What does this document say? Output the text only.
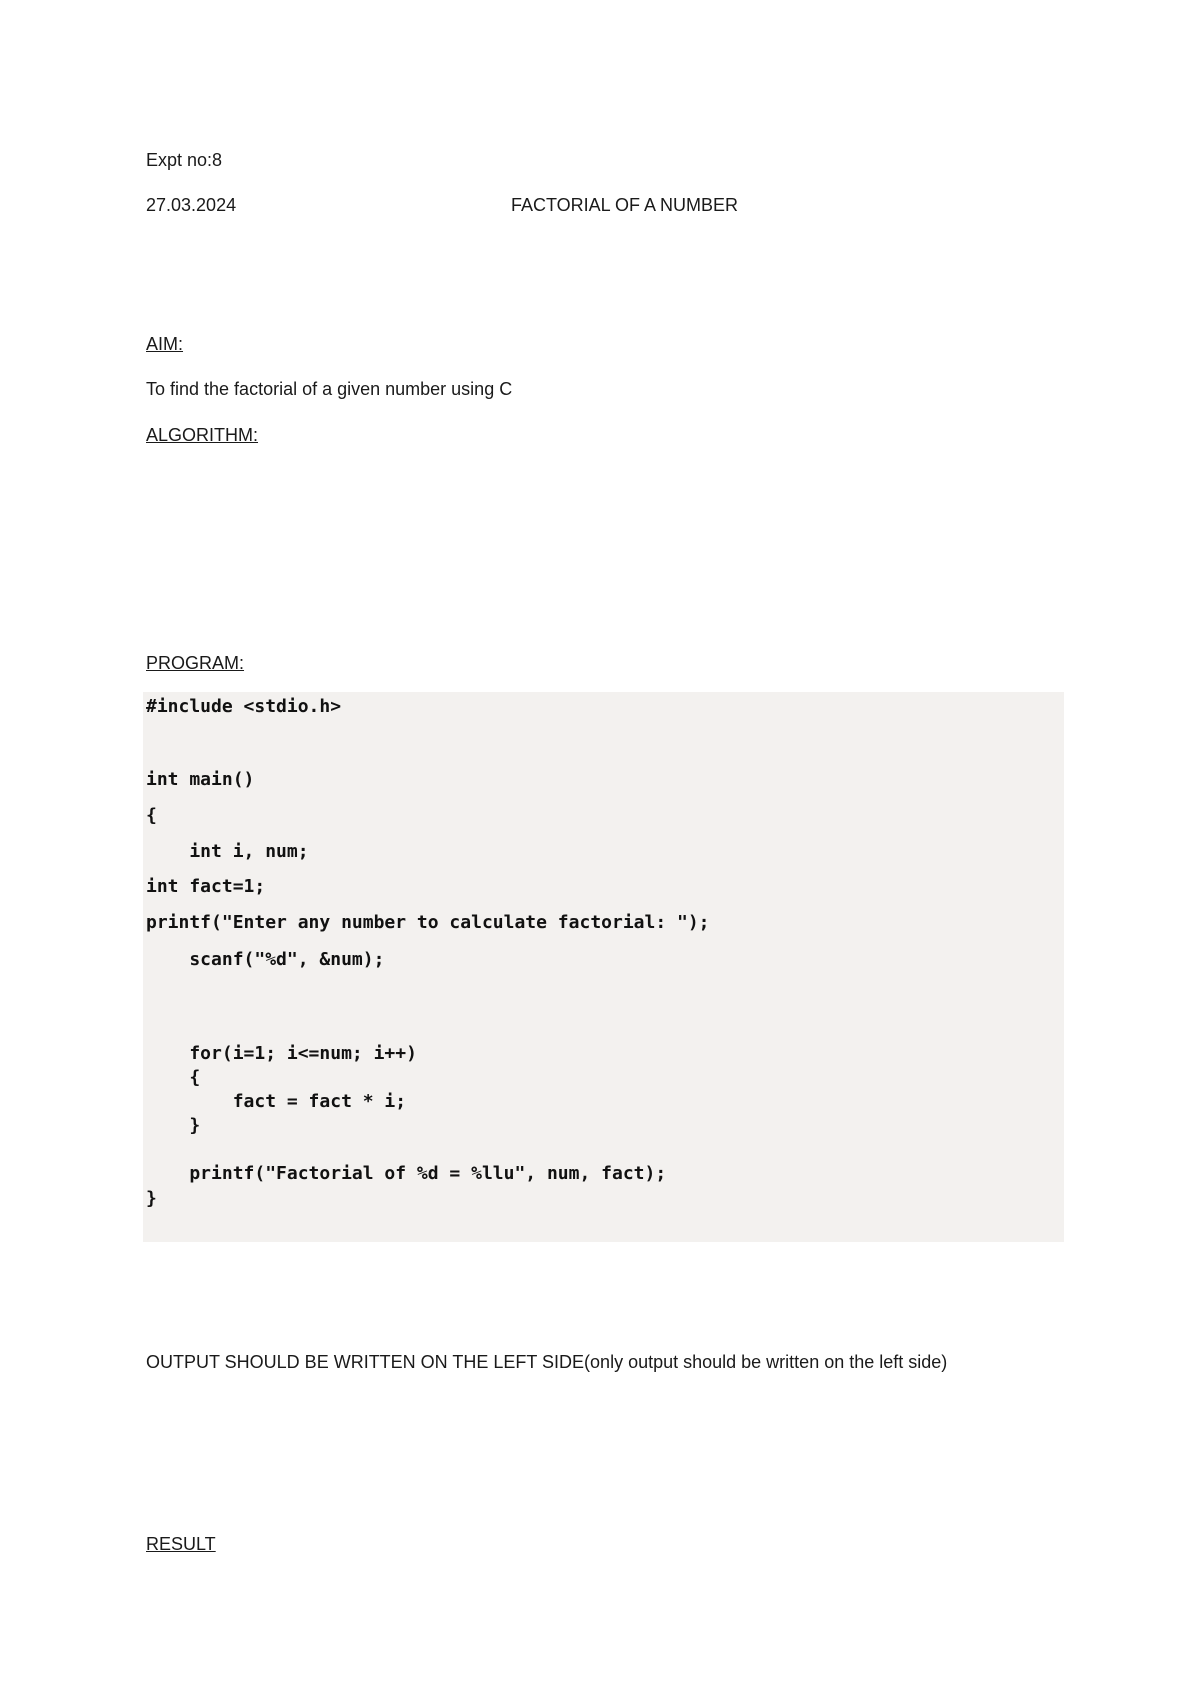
Expt no:8
27.03.2024	FACTORIAL OF A NUMBER
AIM:
To find the factorial of a given number using C
ALGORITHM:
PROGRAM:
#include <stdio.h>
int main()
{
int i, num;
int fact=1;
printf("Enter any number to calculate factorial: ");
scanf("%d", &num);
for(i=1; i<=num; i++)
{
fact = fact * i;
}
printf("Factorial of %d = %llu", num, fact);
}
OUTPUT SHOULD BE WRITTEN ON THE LEFT SIDE(only output should be written on the left side)
RESULT
